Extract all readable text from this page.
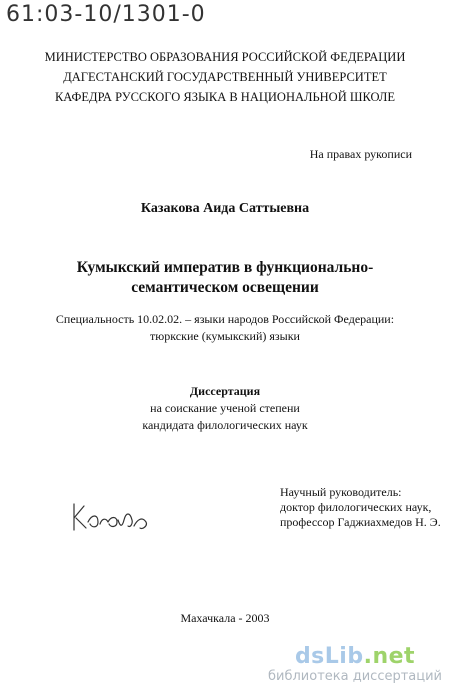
61:03-10/1301-0
МИНИСТЕРСТВО ОБРАЗОВАНИЯ РОССИЙСКОЙ ФЕДЕРАЦИИ
ДАГЕСТАНСКИЙ ГОСУДАРСТВЕННЫЙ УНИВЕРСИТЕТ
КАФЕДРА РУССКОГО ЯЗЫКА В НАЦИОНАЛЬНОЙ ШКОЛЕ
На правах рукописи
Казакова Аида Саттыевна
Кумыкский императив в функционально-
семантическом освещении
Специальность 10.02.02. – языки народов Российской Федерации:
тюркские (кумыкский) языки
Диссертация
на соискание ученой степени
кандидата филологических наук
Научный руководитель:
доктор филологических наук,
профессор Гаджиахмедов Н. Э.
Махачкала - 2003
dsLib.net
библиотека диссертаций
